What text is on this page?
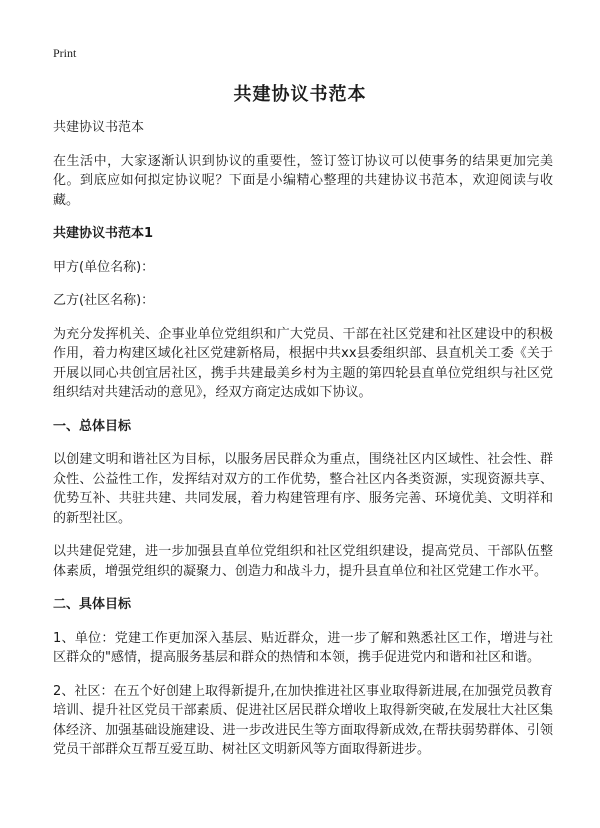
Print
共建协议书范本

共建协议书范本

在生活中，大家逐渐认识到协议的重要性，签订签订协议可以使事务的结果更加完美化。到底应如何拟定协议呢？下面是小编精心整理的共建协议书范本，欢迎阅读与收藏。

共建协议书范本1

甲方(单位名称)：

乙方(社区名称)：

为充分发挥机关、企事业单位党组织和广大党员、干部在社区党建和社区建设中的积极作用，着力构建区域化社区党建新格局，根据中共xx县委组织部、县直机关工委《关于开展以同心共创宜居社区，携手共建最美乡村为主题的第四轮县直单位党组织与社区党组织结对共建活动的意见》，经双方商定达成如下协议。

一、总体目标

以创建文明和谐社区为目标，以服务居民群众为重点，围绕社区内区域性、社会性、群众性、公益性工作，发挥结对双方的工作优势，整合社区内各类资源，实现资源共享、优势互补、共驻共建、共同发展，着力构建管理有序、服务完善、环境优美、文明祥和的新型社区。

以共建促党建，进一步加强县直单位党组织和社区党组织建设，提高党员、干部队伍整体素质，增强党组织的凝聚力、创造力和战斗力，提升县直单位和社区党建工作水平。

二、具体目标

1、单位：党建工作更加深入基层、贴近群众，进一步了解和熟悉社区工作，增进与社区群众的"感情，提高服务基层和群众的热情和本领，携手促进党内和谐和社区和谐。

2、社区：在五个好创建上取得新提升,在加快推进社区事业取得新进展,在加强党员教育培训、提升社区党员干部素质、促进社区居民群众增收上取得新突破,在发展壮大社区集体经济、加强基础设施建设、进一步改进民生等方面取得新成效,在帮扶弱势群体、引领党员干部群众互帮互爱互助、树社区文明新风等方面取得新进步。
